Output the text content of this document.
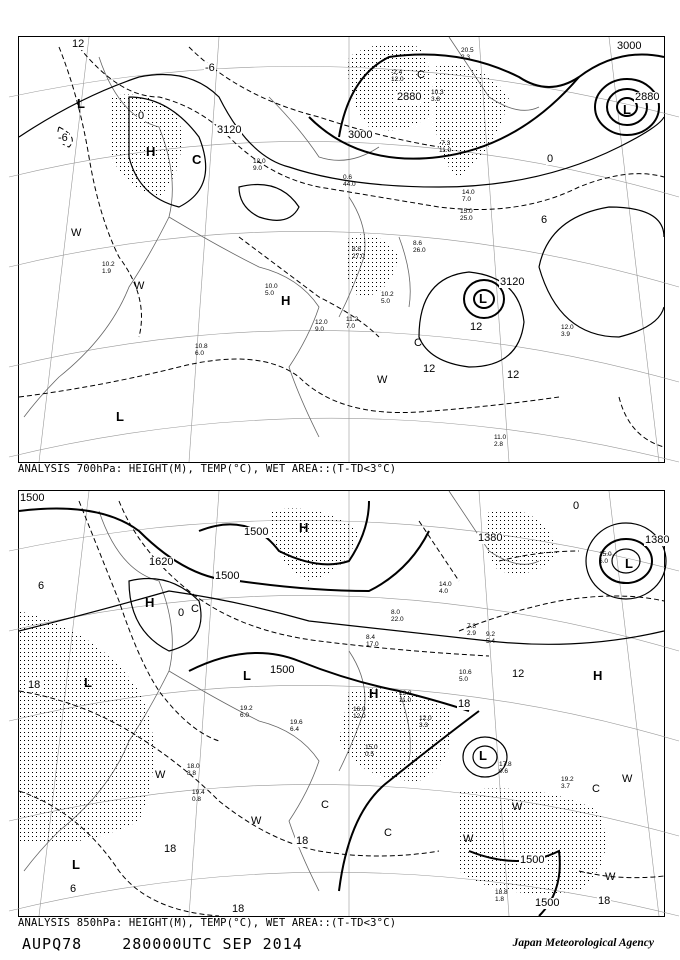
3000
2880
3000
3120
2880
3120
12
0
-6
-6
0
6
12
12	12
L
H
C
L
C
W
W
L
H	L
C
W
10.2
1.9
10.8
6.0
11.0
2.8
12.0
3.9
10.2
5.0
11.2
7.0
8.8
27.0
8.6
26.0
12.0
9.0
10.0
5.0
15.0
25.0
14.0
7.0
0.6
44.0
12.0
9.0
-7.3
11.0
20.5
2.3
10.3
3.8
-2.4
12.0
ANALYSIS 700hPa: HEIGHT(M), TEMP(°C), WET AREA::(T-TD<3°C)
1500
1500
1620
1500
1380
1500
1380
1500
1500
0
0
6
18
12
18
18
18
18
18
6
H
H	C
L
L	L
H
H
L
L
W
W
W
C
C
W
C
W
W
19.2
3.7
18.8
1.8
15.0
0.5
16.0
12.0
13.8
11.0
12.0
3.3
10.6
5.0
8.4
17.0
8.0
22.0
7.8
2.9
19.6
6.4
19.2
6.0
17.8
0.6
9.2
5.4
14.0
4.0
15.0
6.0
19.4
0.8
18.0
8.8
ANALYSIS 850hPa: HEIGHT(M), TEMP(°C), WET AREA::(T-TD<3°C)
AUPQ78	280000UTC SEP 2014	Japan Meteorological Agency
